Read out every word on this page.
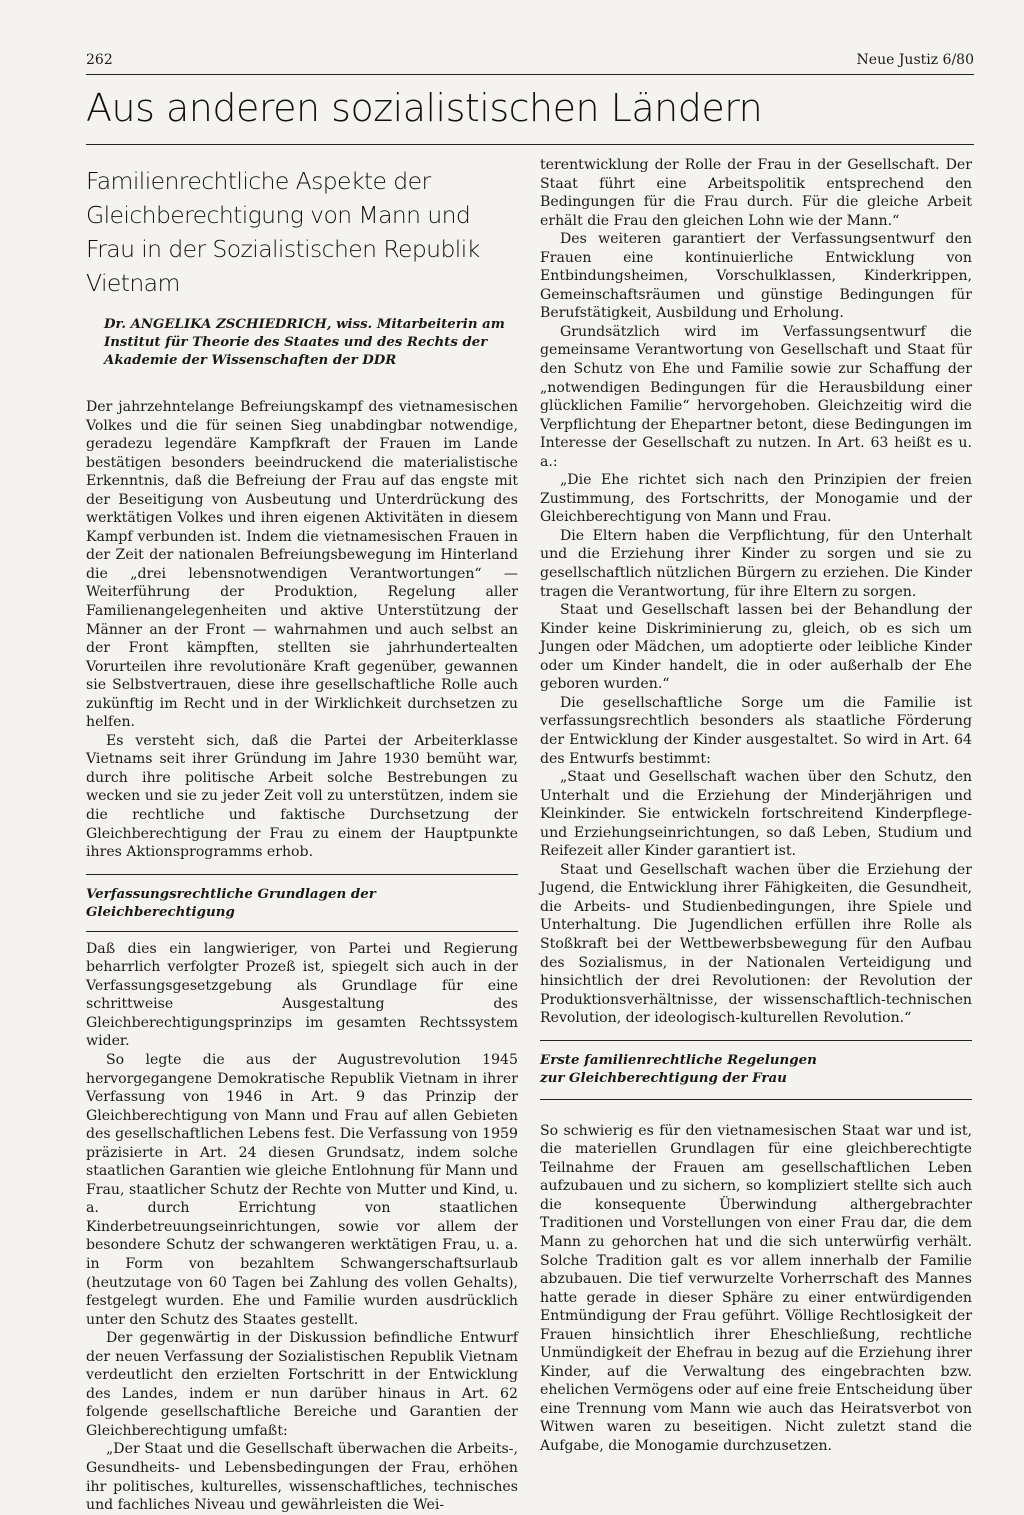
262	Neue Justiz 6/80
Aus anderen sozialistischen Ländern
Familienrechtliche Aspekte der Gleichberechtigung von Mann und Frau in der Sozialistischen Republik Vietnam
Dr. ANGELIKA ZSCHIEDRICH, wiss. Mitarbeiterin am Institut für Theorie des Staates und des Rechts der Akademie der Wissenschaften der DDR

Der jahrzehntelange Befreiungskampf des vietnamesischen Volkes und die für seinen Sieg unabdingbar notwendige, geradezu legendäre Kampfkraft der Frauen im Lande bestätigen besonders beeindruckend die materialistische Erkenntnis, daß die Befreiung der Frau auf das engste mit der Beseitigung von Ausbeutung und Unterdrückung des werktätigen Volkes und ihren eigenen Aktivitäten in diesem Kampf verbunden ist. Indem die vietnamesischen Frauen in der Zeit der nationalen Befreiungsbewegung im Hinterland die „drei lebensnotwendigen Verantwortungen“ — Weiterführung der Produktion, Regelung aller Familienangelegenheiten und aktive Unterstützung der Männer an der Front — wahrnahmen und auch selbst an der Front kämpften, stellten sie jahrhundertealten Vorurteilen ihre revolutionäre Kraft gegenüber, gewannen sie Selbstvertrauen, diese ihre gesellschaftliche Rolle auch zukünftig im Recht und in der Wirklichkeit durchsetzen zu helfen.

Es versteht sich, daß die Partei der Arbeiterklasse Vietnams seit ihrer Gründung im Jahre 1930 bemüht war, durch ihre politische Arbeit solche Bestrebungen zu wecken und sie zu jeder Zeit voll zu unterstützen, indem sie die rechtliche und faktische Durchsetzung der Gleichberechtigung der Frau zu einem der Hauptpunkte ihres Aktionsprogramms erhob.

Verfassungsrechtliche Grundlagen der Gleichberechtigung

Daß dies ein langwieriger, von Partei und Regierung beharrlich verfolgter Prozeß ist, spiegelt sich auch in der Verfassungsgesetzgebung als Grundlage für eine schrittweise Ausgestaltung des Gleichberechtigungsprinzips im gesamten Rechtssystem wider.

So legte die aus der Augustrevolution 1945 hervorgegangene Demokratische Republik Vietnam in ihrer Verfassung von 1946 in Art. 9 das Prinzip der Gleichberechtigung von Mann und Frau auf allen Gebieten des gesellschaftlichen Lebens fest. Die Verfassung von 1959 präzisierte in Art. 24 diesen Grundsatz, indem solche staatlichen Garantien wie gleiche Entlohnung für Mann und Frau, staatlicher Schutz der Rechte von Mutter und Kind, u. a. durch Errichtung von staatlichen Kinderbetreuungseinrichtungen, sowie vor allem der besondere Schutz der schwangeren werktätigen Frau, u. a. in Form von bezahltem Schwangerschaftsurlaub (heutzutage von 60 Tagen bei Zahlung des vollen Gehalts), festgelegt wurden. Ehe und Familie wurden ausdrücklich unter den Schutz des Staates gestellt.

Der gegenwärtig in der Diskussion befindliche Entwurf der neuen Verfassung der Sozialistischen Republik Vietnam verdeutlicht den erzielten Fortschritt in der Entwicklung des Landes, indem er nun darüber hinaus in Art. 62 folgende gesellschaftliche Bereiche und Garantien der Gleichberechtigung umfaßt:

„Der Staat und die Gesellschaft überwachen die Arbeits-, Gesundheits- und Lebensbedingungen der Frau, erhöhen ihr politisches, kulturelles, wissenschaftliches, technisches und fachliches Niveau und gewährleisten die Wei-

terentwicklung der Rolle der Frau in der Gesellschaft. Der Staat führt eine Arbeitspolitik entsprechend den Bedingungen für die Frau durch. Für die gleiche Arbeit erhält die Frau den gleichen Lohn wie der Mann.“

Des weiteren garantiert der Verfassungsentwurf den Frauen eine kontinuierliche Entwicklung von Entbindungsheimen, Vorschulklassen, Kinderkrippen, Gemeinschaftsräumen und günstige Bedingungen für Berufstätigkeit, Ausbildung und Erholung.

Grundsätzlich wird im Verfassungsentwurf die gemeinsame Verantwortung von Gesellschaft und Staat für den Schutz von Ehe und Familie sowie zur Schaffung der „notwendigen Bedingungen für die Herausbildung einer glücklichen Familie“ hervorgehoben. Gleichzeitig wird die Verpflichtung der Ehepartner betont, diese Bedingungen im Interesse der Gesellschaft zu nutzen. In Art. 63 heißt es u. a.:

„Die Ehe richtet sich nach den Prinzipien der freien Zustimmung, des Fortschritts, der Monogamie und der Gleichberechtigung von Mann und Frau.

Die Eltern haben die Verpflichtung, für den Unterhalt und die Erziehung ihrer Kinder zu sorgen und sie zu gesellschaftlich nützlichen Bürgern zu erziehen. Die Kinder tragen die Verantwortung, für ihre Eltern zu sorgen.

Staat und Gesellschaft lassen bei der Behandlung der Kinder keine Diskriminierung zu, gleich, ob es sich um Jungen oder Mädchen, um adoptierte oder leibliche Kinder oder um Kinder handelt, die in oder außerhalb der Ehe geboren wurden.“

Die gesellschaftliche Sorge um die Familie ist verfassungsrechtlich besonders als staatliche Förderung der Entwicklung der Kinder ausgestaltet. So wird in Art. 64 des Entwurfs bestimmt:

„Staat und Gesellschaft wachen über den Schutz, den Unterhalt und die Erziehung der Minderjährigen und Kleinkinder. Sie entwickeln fortschreitend Kinderpflege- und Erziehungseinrichtungen, so daß Leben, Studium und Reifezeit aller Kinder garantiert ist.

Staat und Gesellschaft wachen über die Erziehung der Jugend, die Entwicklung ihrer Fähigkeiten, die Gesundheit, die Arbeits- und Studienbedingungen, ihre Spiele und Unterhaltung. Die Jugendlichen erfüllen ihre Rolle als Stoßkraft bei der Wettbewerbsbewegung für den Aufbau des Sozialismus, in der Nationalen Verteidigung und hinsichtlich der drei Revolutionen: der Revolution der Produktionsverhältnisse, der wissenschaftlich-technischen Revolution, der ideologisch-kulturellen Revolution.“

Erste familienrechtliche Regelungen
zur Gleichberechtigung der Frau

So schwierig es für den vietnamesischen Staat war und ist, die materiellen Grundlagen für eine gleichberechtigte Teilnahme der Frauen am gesellschaftlichen Leben aufzubauen und zu sichern, so kompliziert stellte sich auch die konsequente Überwindung althergebrachter Traditionen und Vorstellungen von einer Frau dar, die dem Mann zu gehorchen hat und die sich unterwürfig verhält. Solche Tradition galt es vor allem innerhalb der Familie abzubauen. Die tief verwurzelte Vorherrschaft des Mannes hatte gerade in dieser Sphäre zu einer entwürdigenden Entmündigung der Frau geführt. Völlige Rechtlosigkeit der Frauen hinsichtlich ihrer Eheschließung, rechtliche Unmündigkeit der Ehefrau in bezug auf die Erziehung ihrer Kinder, auf die Verwaltung des eingebrachten bzw. ehelichen Vermögens oder auf eine freie Entscheidung über eine Trennung vom Mann wie auch das Heiratsverbot von Witwen waren zu beseitigen. Nicht zuletzt stand die Aufgabe, die Monogamie durchzusetzen.
